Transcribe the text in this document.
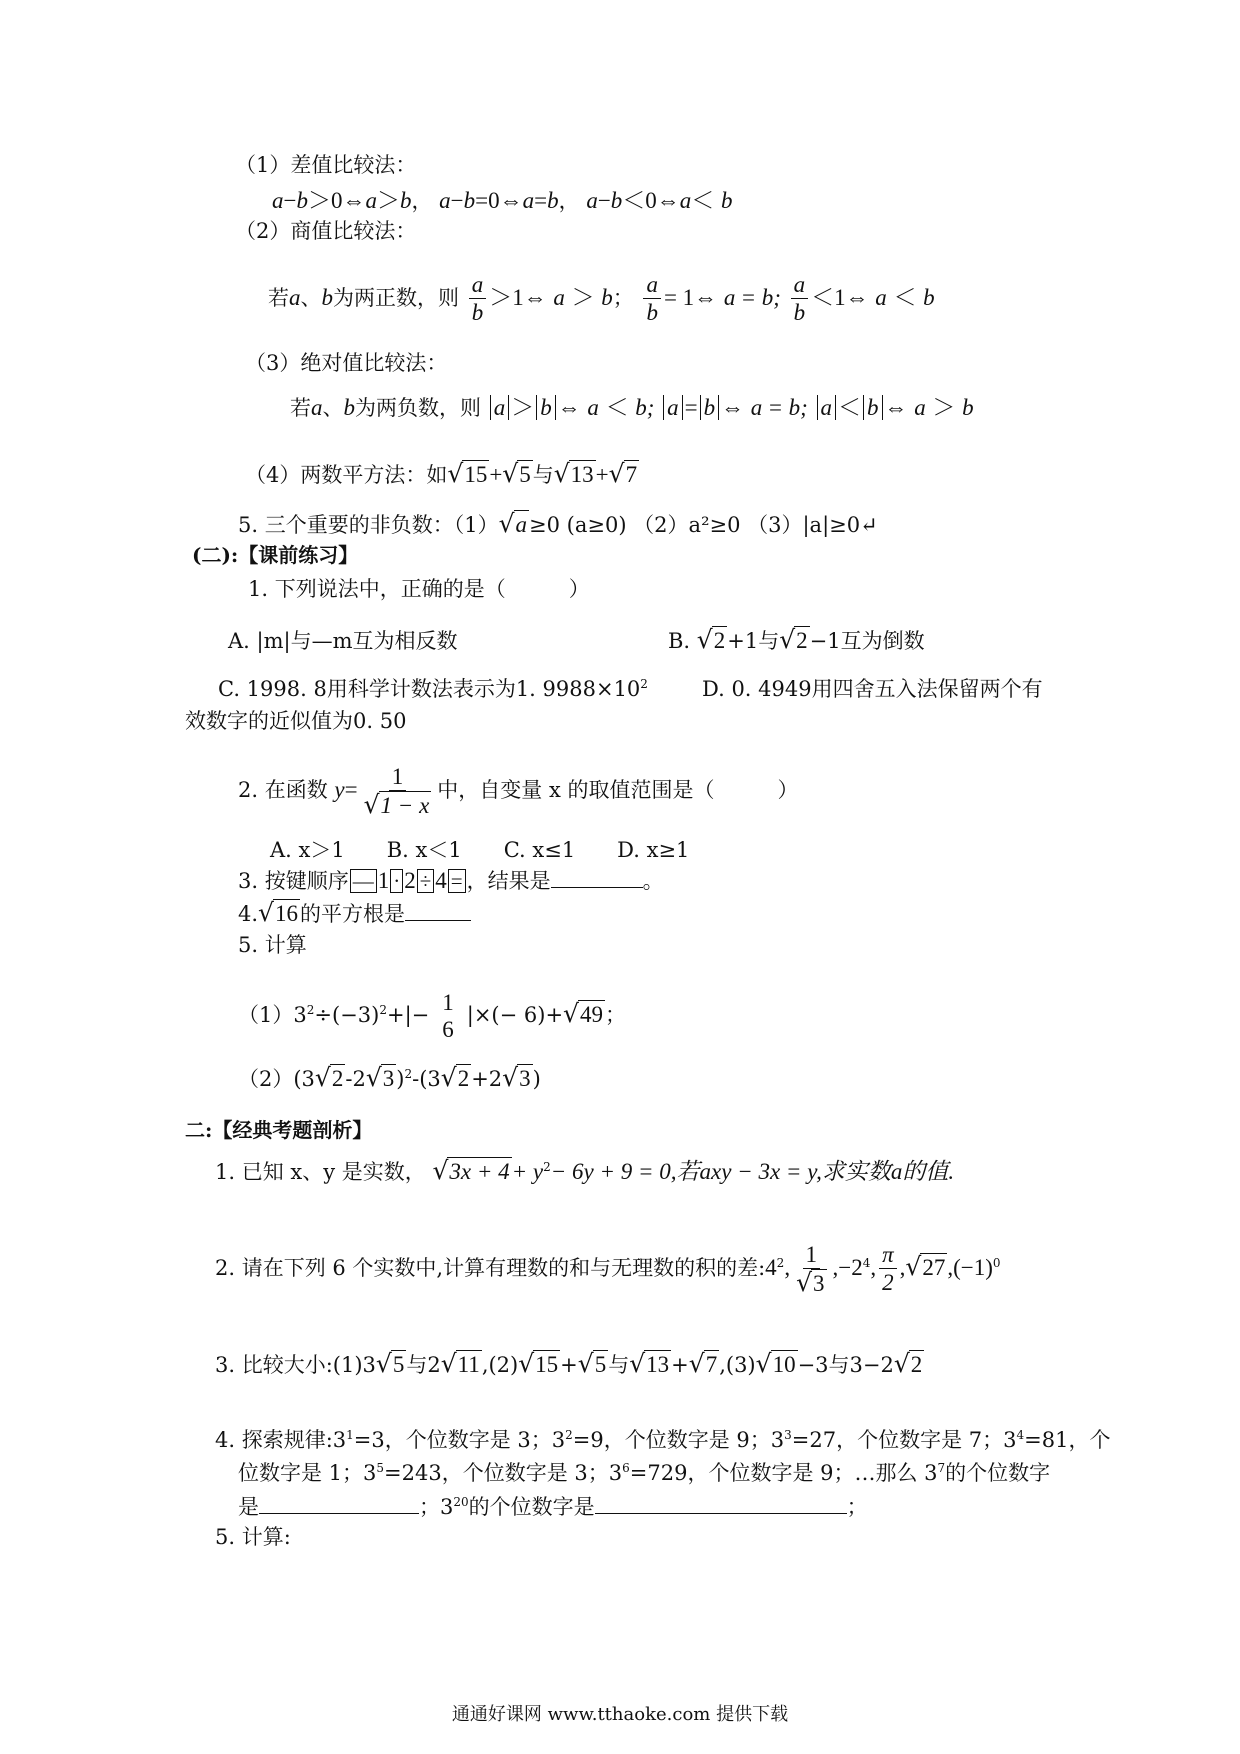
（1）差值比较法：
a−b＞0⇔a＞b， a−b=0⇔a=b， a−b＜0⇔a＜ b
（2）商值比较法：
若a、b为两正数，则 $\frac{a}{b}$ ＞1⇔ a ＞ b； $\frac{a}{b}$ = 1⇔ a = b; $\frac{a}{b}$ ＜1⇔ a ＜ b
（3）绝对值比较法：
若a、b为两负数，则 a ＞ b ⇔ a ＜ b; a = b ⇔ a = b; a ＜ b ⇔ a ＞ b
（4）两数平方法：如 √ 15 + √ 5 与 √ 13 + √ 7
5. 三个重要的非负数：（1） √ a ≥0 (a≥0) （2）a²≥0 （3）|a|≥0↵
(二):【课前练习】
1. 下列说法中，正确的是（　　　）
A. |m|与—m互为相反数	B. √ 2 +1与 √ 2 −1互为倒数
C. 1998. 8用科学计数法表示为1. $9988\times 10^2$	D. 0. 4949用四舍五入法保留两个有
效数字的近似值为0. 50
2. 在函数 $y= \frac{1}{√ 1 - x}$ 中，自变量 x 的取值范围是（　　　）
A. x＞1　　B. x＜1　　C. x≤1　　D. x≥1
3. 按键顺序 — 1 · 2 ÷ 4 = ，结果是	。
4. √ 16 的平方根是
5. 计算
$(1)3^2\div(-3)^2+|-$
1
6
|×(− 6)+ √ 49 ；
（2）(3 √ 2 -2 √ 3 )$^2$-(3 √ 2 +2 √ 3 )
二:【经典考题剖析】
1. 已知 x、y 是实数， √ $3x + 4 + y^2- 6y + 9 = 0$,若axy − 3x = y,求实数a的值.
2. 请在下列 6 个实数中,计算有理数的和与无理数的积的差$:4^2$, $\frac{1}{√ 3} ,-2^4$, $\frac{\pi}{2}$ , √ 27 $,(-1)^0$
3. 比较大小:(1)3 √ 5 与2 √ 11 ,(2) √ 15 + √ 5 与 √ 13 + √ 7 ,(3) √ 10 −3与3−2 √ 2
4. 探索规律$:3^1=3$，个位数字是 3；$3^2=9$，个位数字是 9；$3^3=27$，个位数字是 7；$3^4=81$，个
位数字是 1；$3^5=243$，个位数字是 3；$3^6=729$，个位数字是 9；…那么 $3^7$的个位数字
是	；$3^{20}$的个位数字是	；
5. 计算:
通通好课网 www.tthaoke.com 提供下载
